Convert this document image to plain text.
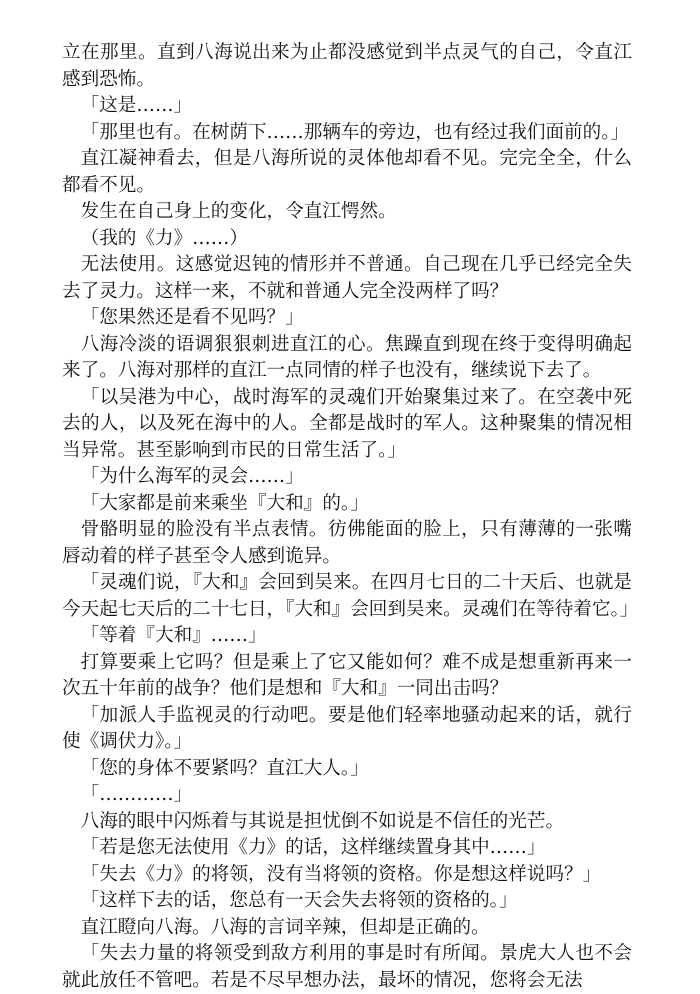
立在那里。直到八海说出来为止都没感觉到半点灵气的自己，令直江感到恐怖。

「这是……」

「那里也有。在树荫下……那辆车的旁边，也有经过我们面前的。」

直江凝神看去，但是八海所说的灵体他却看不见。完完全全，什么都看不见。

发生在自己身上的变化，令直江愕然。

（我的《力》……）

无法使用。这感觉迟钝的情形并不普通。自己现在几乎已经完全失去了灵力。这样一来，不就和普通人完全没两样了吗？

「您果然还是看不见吗？」

八海冷淡的语调狠狠刺进直江的心。焦躁直到现在终于变得明确起来了。八海对那样的直江一点同情的样子也没有，继续说下去了。

「以吴港为中心，战时海军的灵魂们开始聚集过来了。在空袭中死去的人，以及死在海中的人。全都是战时的军人。这种聚集的情况相当异常。甚至影响到市民的日常生活了。」

「为什么海军的灵会……」

「大家都是前来乘坐『大和』的。」

骨骼明显的脸没有半点表情。彷佛能面的脸上，只有薄薄的一张嘴唇动着的样子甚至令人感到诡异。

「灵魂们说，『大和』会回到吴来。在四月七日的二十天后、也就是今天起七天后的二十七日，『大和』会回到吴来。灵魂们在等待着它。」

「等着『大和』……」

打算要乘上它吗？但是乘上了它又能如何？难不成是想重新再来一次五十年前的战争？他们是想和『大和』一同出击吗？

「加派人手监视灵的行动吧。要是他们轻率地骚动起来的话，就行使《调伏力》。」

「您的身体不要紧吗？直江大人。」

「…………」

八海的眼中闪烁着与其说是担忧倒不如说是不信任的光芒。

「若是您无法使用《力》的话，这样继续置身其中……」

「失去《力》的将领，没有当将领的资格。你是想这样说吗？」

「这样下去的话，您总有一天会失去将领的资格的。」

直江瞪向八海。八海的言词辛辣，但却是正确的。

「失去力量的将领受到敌方利用的事是时有所闻。景虎大人也不会就此放任不管吧。若是不尽早想办法，最坏的情况，您将会无法
